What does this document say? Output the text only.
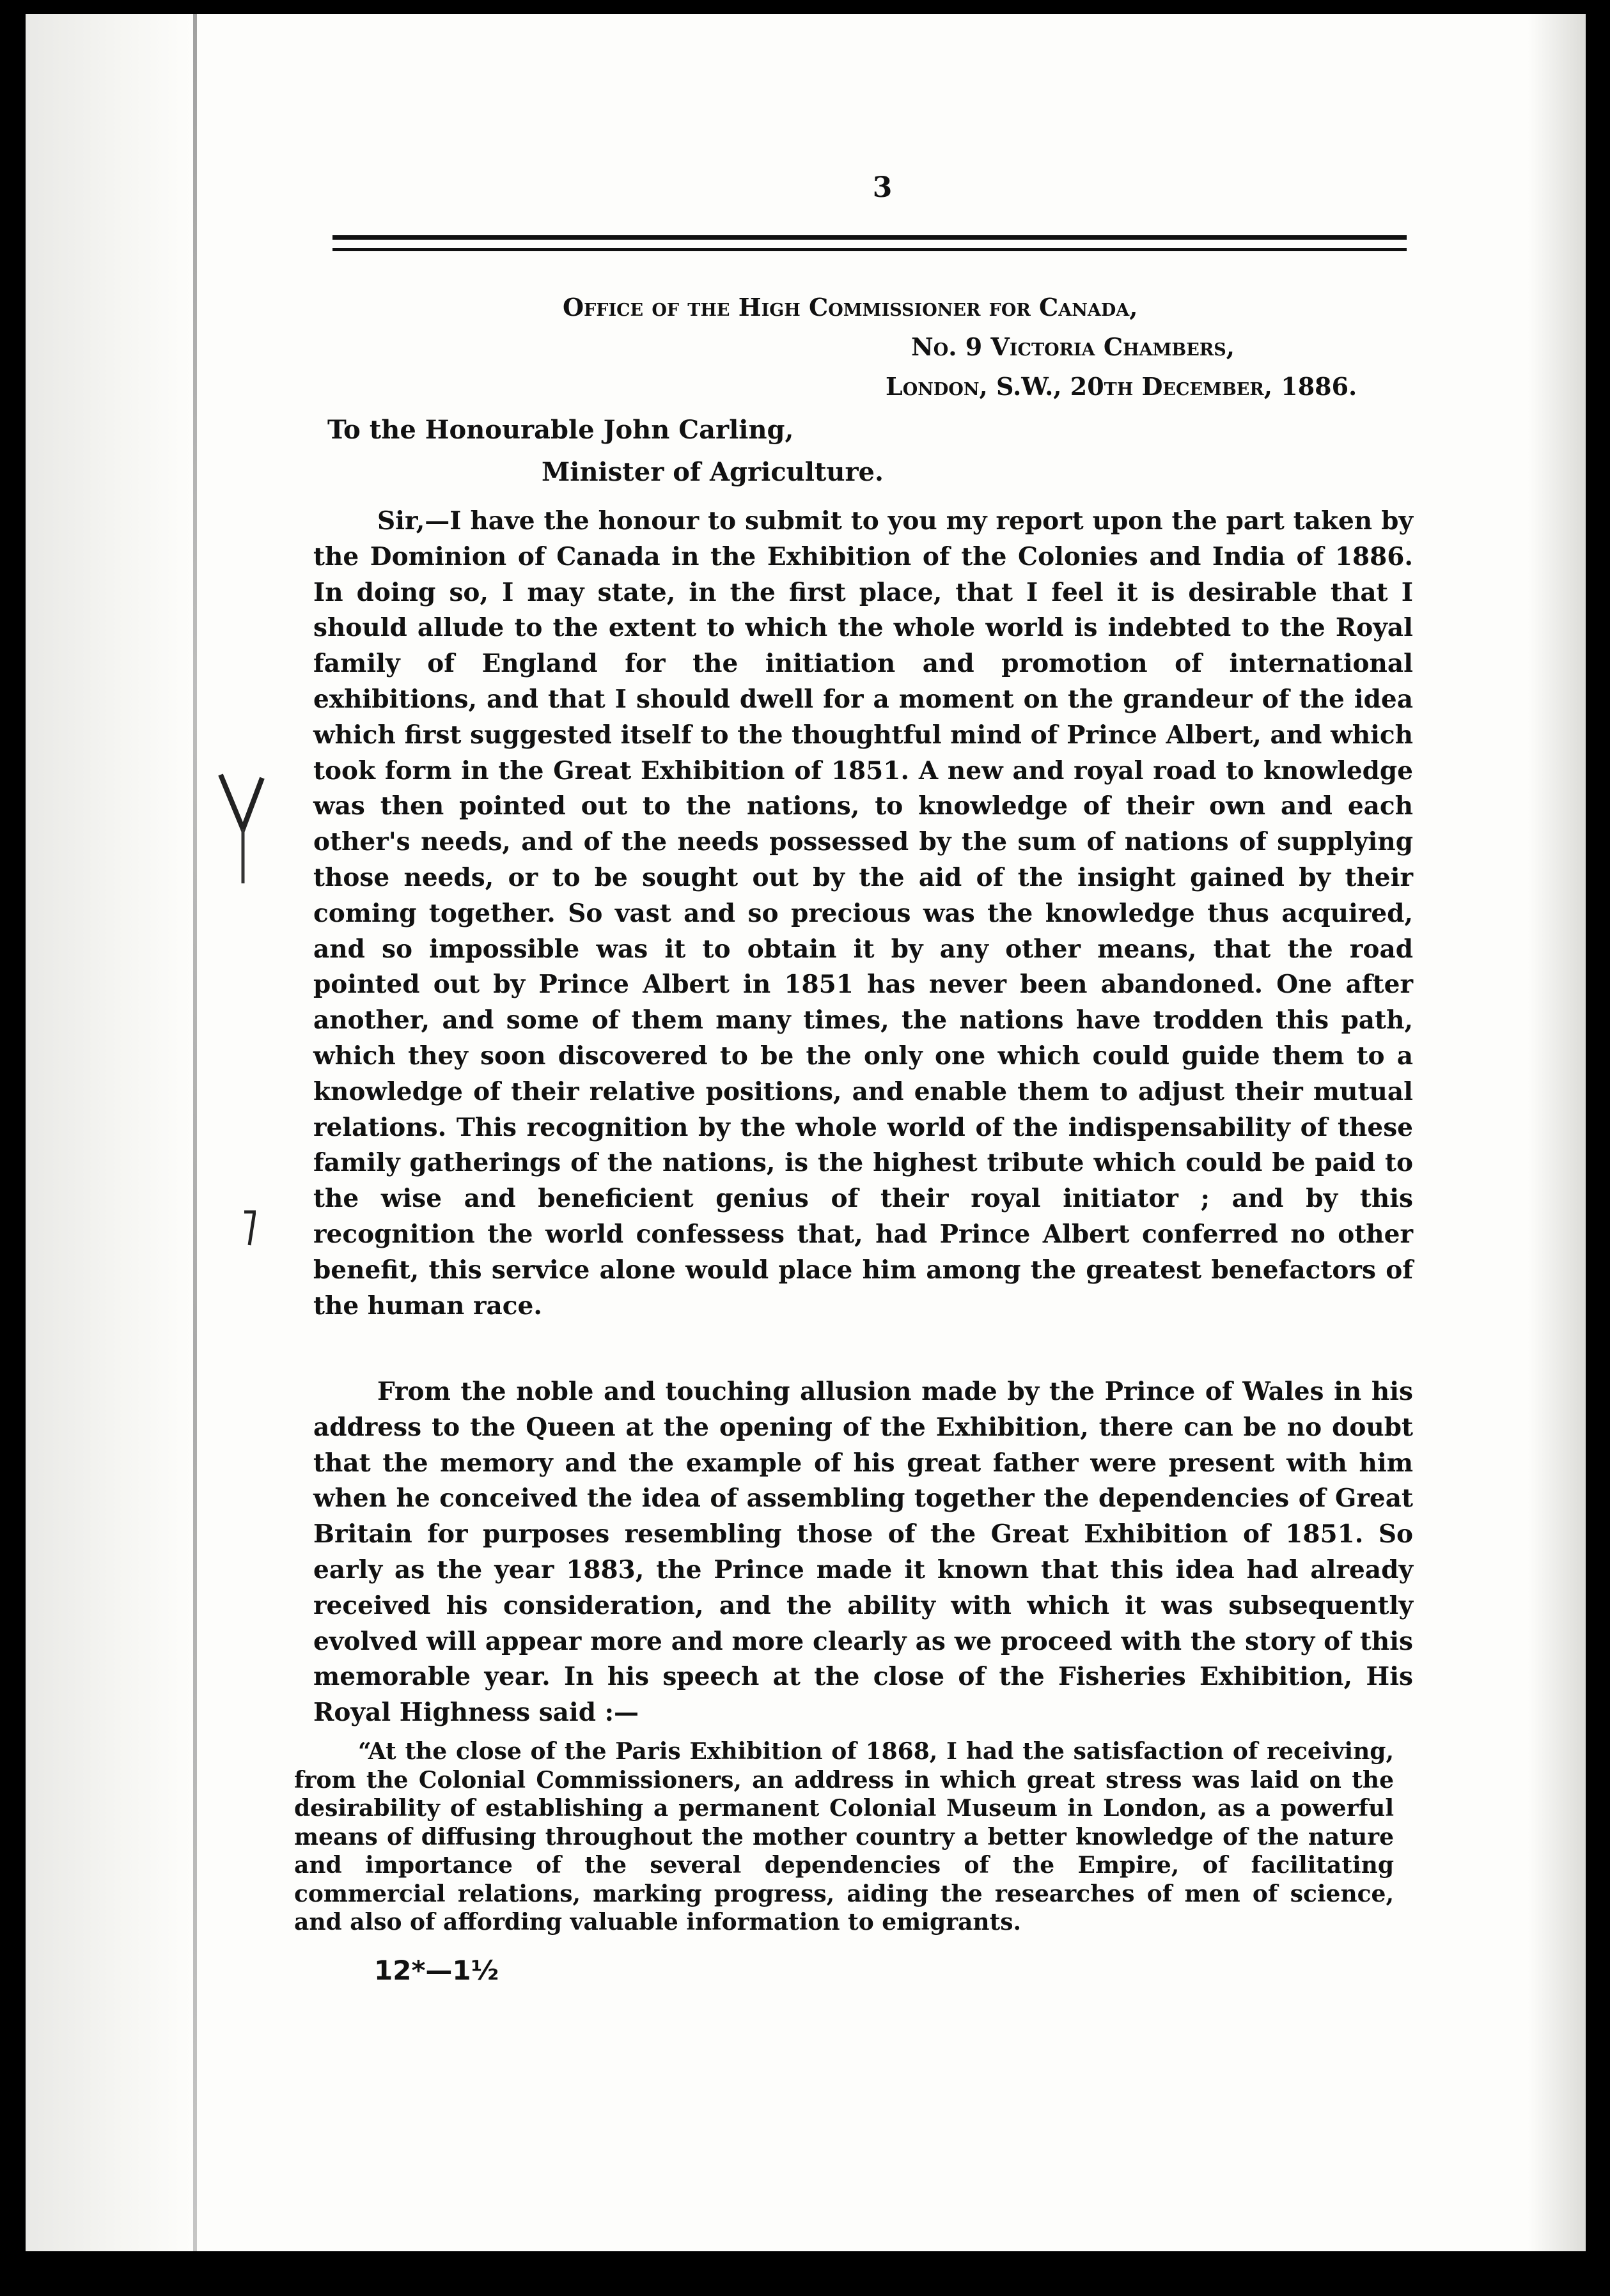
3
Office of the High Commissioner for Canada,
No. 9 Victoria Chambers,
London, S.W., 20th December, 1886.
To the Honourable John Carling,
Minister of Agriculture.

Sir,—I have the honour to submit to you my report upon the part taken by the Dominion of Canada in the Exhibition of the Colonies and India of 1886. In doing so, I may state, in the first place, that I feel it is desirable that I should allude to the extent to which the whole world is indebted to the Royal family of England for the initiation and promotion of international exhibitions, and that I should dwell for a moment on the grandeur of the idea which first suggested itself to the thoughtful mind of Prince Albert, and which took form in the Great Exhibition of 1851. A new and royal road to knowledge was then pointed out to the nations, to knowledge of their own and each other's needs, and of the needs possessed by the sum of nations of supplying those needs, or to be sought out by the aid of the insight gained by their coming together. So vast and so precious was the knowledge thus acquired, and so impossible was it to obtain it by any other means, that the road pointed out by Prince Albert in 1851 has never been abandoned. One after another, and some of them many times, the nations have trodden this path, which they soon discovered to be the only one which could guide them to a knowledge of their relative positions, and enable them to adjust their mutual relations. This recognition by the whole world of the indispensability of these family gatherings of the nations, is the highest tribute which could be paid to the wise and beneficient genius of their royal initiator ; and by this recognition the world confessess that, had Prince Albert conferred no other benefit, this service alone would place him among the greatest benefactors of the human race.

From the noble and touching allusion made by the Prince of Wales in his address to the Queen at the opening of the Exhibition, there can be no doubt that the memory and the example of his great father were present with him when he conceived the idea of assembling together the dependencies of Great Britain for purposes resembling those of the Great Exhibition of 1851. So early as the year 1883, the Prince made it known that this idea had already received his consideration, and the ability with which it was subsequently evolved will appear more and more clearly as we proceed with the story of this memorable year. In his speech at the close of the Fisheries Exhibition, His Royal Highness said :—

“At the close of the Paris Exhibition of 1868, I had the satisfaction of receiving, from the Colonial Commissioners, an address in which great stress was laid on the desirability of establishing a permanent Colonial Museum in London, as a powerful means of diffusing throughout the mother country a better knowledge of the nature and importance of the several dependencies of the Empire, of facilitating commercial relations, marking progress, aiding the researches of men of science, and also of affording valuable information to emigrants.

12*—1½
